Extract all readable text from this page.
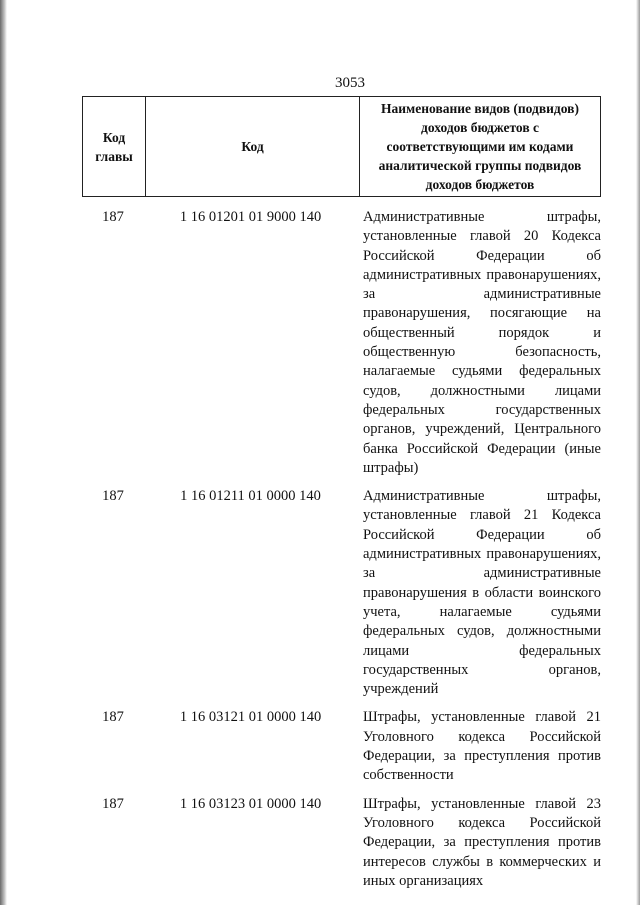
3053
Код
главы	Код	Наименование видов (подвидов) доходов бюджетов с соответствующими им кодами аналитической группы подвидов доходов бюджетов
187	1 16 01201 01 9000 140	Административные штрафы, установленные главой 20 Кодекса Российской Федерации об административных правонарушениях, за административные правонарушения, посягающие на общественный порядок и общественную безопасность, налагаемые судьями федеральных судов, должностными лицами федеральных государственных органов, учреждений, Центрального банка Российской Федерации (иные штрафы)
187	1 16 01211 01 0000 140	Административные штрафы, установленные главой 21 Кодекса Российской Федерации об административных правонарушениях, за административные правонарушения в области воинского учета, налагаемые судьями федеральных судов, должностными лицами федеральных государственных органов, учреждений
187	1 16 03121 01 0000 140	Штрафы, установленные главой 21 Уголовного кодекса Российской Федерации, за преступления против собственности
187	1 16 03123 01 0000 140	Штрафы, установленные главой 23 Уголовного кодекса Российской Федерации, за преступления против интересов службы в коммерческих и иных организациях
